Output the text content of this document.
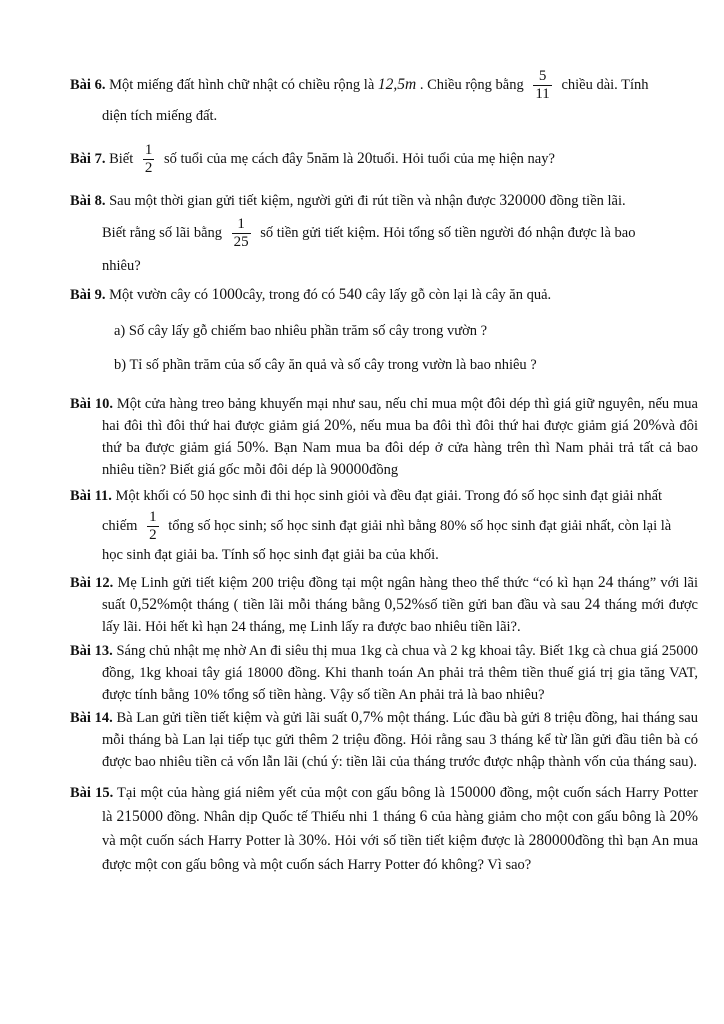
Bài 6. Một miếng đất hình chữ nhật có chiều rộng là 12,5m . Chiều rộng bằng $\frac{5}{11}$ chiều dài. Tính
diện tích miếng đất.
Bài 7. Biết $\frac{1}{2}$ số tuổi của mẹ cách đây 5năm là 20tuổi. Hỏi tuổi của mẹ hiện nay?
Bài 8. Sau một thời gian gửi tiết kiệm, người gửi đi rút tiền và nhận được 320000 đồng tiền lãi.
Biết rằng số lãi bằng $\frac{1}{25}$ số tiền gửi tiết kiệm. Hỏi tổng số tiền người đó nhận được là bao
nhiêu?
Bài 9. Một vườn cây có 1000cây, trong đó có 540 cây lấy gỗ còn lại là cây ăn quả.
a) Số cây lấy gỗ chiếm bao nhiêu phần trăm số cây trong vườn ?
b) Tỉ số phần trăm của số cây ăn quả và số cây trong vườn là bao nhiêu ?
Bài 10. Một cửa hàng treo bảng khuyến mại như sau, nếu chỉ mua một đôi dép thì giá giữ nguyên, nếu mua hai đôi thì đôi thứ hai được giảm giá 20%, nếu mua ba đôi thì đôi thứ hai được giảm giá 20%và đôi thứ ba được giảm giá 50%. Bạn Nam mua ba đôi dép ở cửa hàng trên thì Nam phải trả tất cả bao nhiêu tiền? Biết giá gốc mỗi đôi dép là 90000đồng
Bài 11. Một khối có 50 học sinh đi thi học sinh giỏi và đều đạt giải. Trong đó số học sinh đạt giải nhất
chiếm $\frac{1}{2}$ tổng số học sinh; số học sinh đạt giải nhì bằng 80% số học sinh đạt giải nhất, còn lại là
học sinh đạt giải ba. Tính số học sinh đạt giải ba của khối.
Bài 12. Mẹ Linh gửi tiết kiệm 200 triệu đồng tại một ngân hàng theo thể thức “có kì hạn 24 tháng” với lãi suất 0,52%một tháng ( tiền lãi mỗi tháng bằng 0,52%số tiền gửi ban đầu và sau 24 tháng mới được lấy lãi. Hỏi hết kì hạn 24 tháng, mẹ Linh lấy ra được bao nhiêu tiền lãi?.
Bài 13. Sáng chủ nhật mẹ nhờ An đi siêu thị mua 1kg cà chua và 2 kg khoai tây. Biết 1kg cà chua giá 25000 đồng, 1kg khoai tây giá 18000 đồng. Khi thanh toán An phải trả thêm tiền thuế giá trị gia tăng VAT, được tính bằng 10% tổng số tiền hàng. Vậy số tiền An phải trả là bao nhiêu?
Bài 14. Bà Lan gửi tiền tiết kiệm và gửi lãi suất 0,7% một tháng. Lúc đầu bà gửi 8 triệu đồng, hai tháng sau mỗi tháng bà Lan lại tiếp tục gửi thêm 2 triệu đồng. Hỏi rằng sau 3 tháng kể từ lần gửi đầu tiên bà có được bao nhiêu tiền cả vốn lẫn lãi (chú ý: tiền lãi của tháng trước được nhập thành vốn của tháng sau).
Bài 15. Tại một của hàng giá niêm yết của một con gấu bông là 150000 đồng, một cuốn sách Harry Potter là 215000 đồng. Nhân dịp Quốc tế Thiếu nhi 1 tháng 6 của hàng giảm cho một con gấu bông là 20% và một cuốn sách Harry Potter là 30%. Hỏi với số tiền tiết kiệm được là 280000đồng thì bạn An mua được một con gấu bông và một cuốn sách Harry Potter đó không? Vì sao?
